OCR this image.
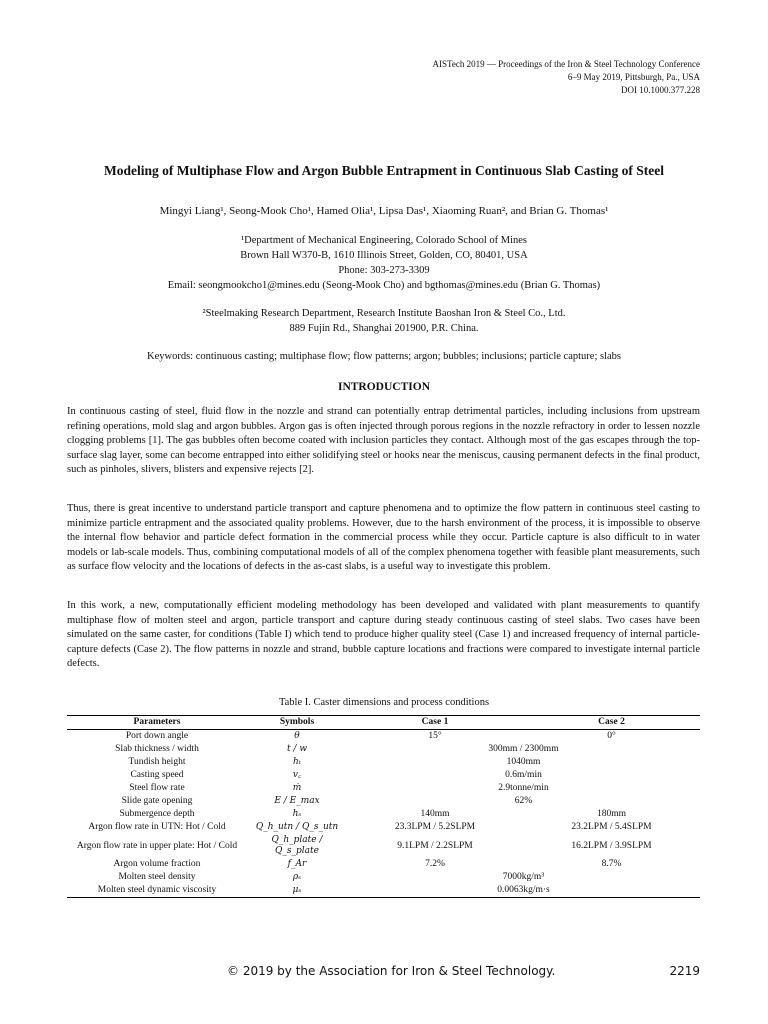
AISTech 2019 — Proceedings of the Iron & Steel Technology Conference
6–9 May 2019, Pittsburgh, Pa., USA
DOI 10.1000.377.228
Modeling of Multiphase Flow and Argon Bubble Entrapment in Continuous Slab Casting of Steel
Mingyi Liang¹, Seong-Mook Cho¹, Hamed Olia¹, Lipsa Das¹, Xiaoming Ruan², and Brian G. Thomas¹
¹Department of Mechanical Engineering, Colorado School of Mines
Brown Hall W370-B, 1610 Illinois Street, Golden, CO, 80401, USA
Phone: 303-273-3309
Email: seongmookcho1@mines.edu (Seong-Mook Cho) and bgthomas@mines.edu (Brian G. Thomas)
²Steelmaking Research Department, Research Institute Baoshan Iron & Steel Co., Ltd.
889 Fujin Rd., Shanghai 201900, P.R. China.
Keywords: continuous casting; multiphase flow; flow patterns; argon; bubbles; inclusions; particle capture; slabs
INTRODUCTION

In continuous casting of steel, fluid flow in the nozzle and strand can potentially entrap detrimental particles, including inclusions from upstream refining operations, mold slag and argon bubbles. Argon gas is often injected through porous regions in the nozzle refractory in order to lessen nozzle clogging problems [1]. The gas bubbles often become coated with inclusion particles they contact. Although most of the gas escapes through the top-surface slag layer, some can become entrapped into either solidifying steel or hooks near the meniscus, causing permanent defects in the final product, such as pinholes, slivers, blisters and expensive rejects [2].

Thus, there is great incentive to understand particle transport and capture phenomena and to optimize the flow pattern in continuous steel casting to minimize particle entrapment and the associated quality problems. However, due to the harsh environment of the process, it is impossible to observe the internal flow behavior and particle defect formation in the commercial process while they occur. Particle capture is also difficult to in water models or lab-scale models. Thus, combining computational models of all of the complex phenomena together with feasible plant measurements, such as surface flow velocity and the locations of defects in the as-cast slabs, is a useful way to investigate this problem.

In this work, a new, computationally efficient modeling methodology has been developed and validated with plant measurements to quantify multiphase flow of molten steel and argon, particle transport and capture during steady continuous casting of steel slabs. Two cases have been simulated on the same caster, for conditions (Table I) which tend to produce higher quality steel (Case 1) and increased frequency of internal particle-capture defects (Case 2). The flow patterns in nozzle and strand, bubble capture locations and fractions were compared to investigate internal particle defects.

Table I. Caster dimensions and process conditions
Parameters	Symbols	Case 1	Case 2
Port down angle	θ	15°	0°
Slab thickness / width	t / w	300mm / 2300mm	
Tundish height	hₜ	1040mm	
Casting speed	v꜀	0.6m/min	
Steel flow rate	ṁ	2.9tonne/min	
Slide gate opening	E / E_max	62%	
Submergence depth	hₛ	140mm	180mm
Argon flow rate in UTN: Hot / Cold	Q_h_utn / Q_s_utn	23.3LPM / 5.2SLPM	23.2LPM / 5.4SLPM
Argon flow rate in upper plate: Hot / Cold	Q_h_plate / Q_s_plate	9.1LPM / 2.2SLPM	16.2LPM / 3.9SLPM
Argon volume fraction	f_Ar	7.2%	8.7%
Molten steel density	ρₛ	7000kg/m³	
Molten steel dynamic viscosity	μₛ	0.0063kg/m·s	
© 2019 by the Association for Iron & Steel Technology.	2219
